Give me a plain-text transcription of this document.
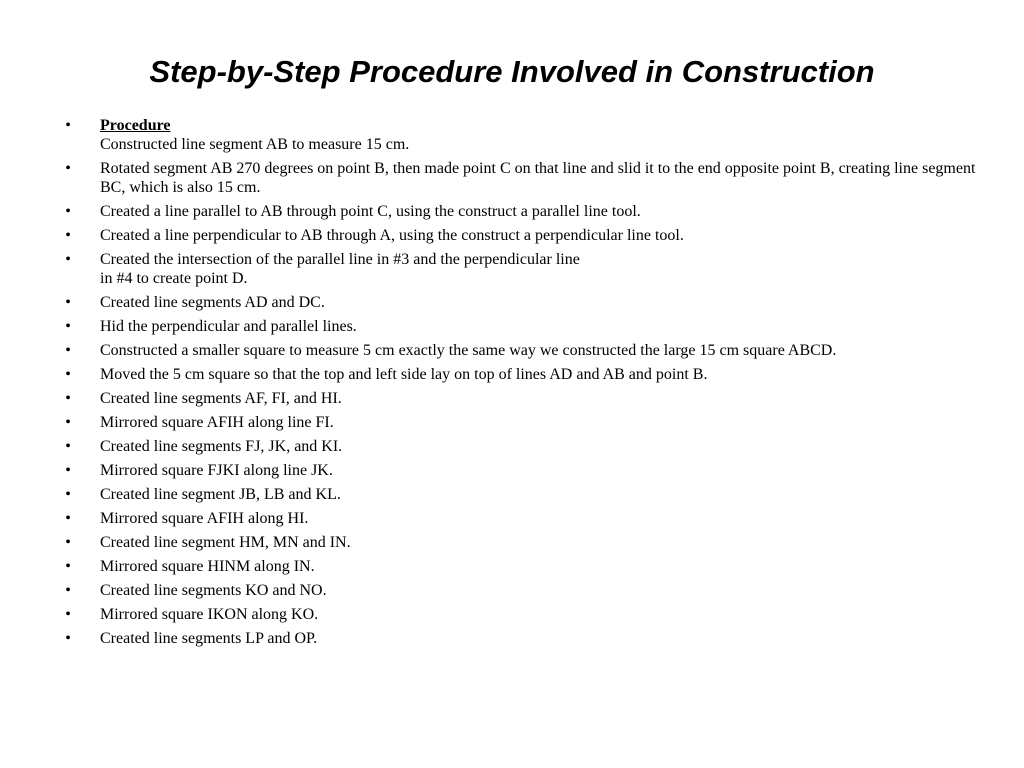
Step-by-Step Procedure Involved in Construction
• Procedure
Constructed line segment AB to measure 15 cm.
• Rotated segment AB 270 degrees on point B, then made point C on that line and slid it to the end opposite point B, creating line segment BC, which is also 15 cm.
• Created a line parallel to AB through point C, using the construct a parallel line tool.
• Created a line perpendicular to AB through A, using the construct a perpendicular line tool.
• Created the intersection of the parallel line in #3 and the perpendicular line
in #4 to create point D.
• Created line segments AD and DC.
• Hid the perpendicular and parallel lines.
• Constructed a smaller square to measure 5 cm exactly the same way we constructed the large 15 cm square ABCD.
• Moved the 5 cm square so that the top and left side lay on top of lines AD and AB and point B.
• Created line segments AF, FI, and HI.
• Mirrored square AFIH along line FI.
• Created line segments FJ, JK, and KI.
• Mirrored square FJKI along line JK.
• Created line segment JB, LB and KL.
• Mirrored square AFIH along HI.
• Created line segment HM, MN and IN.
• Mirrored square HINM along IN.
• Created line segments KO and NO.
• Mirrored square IKON along KO.
• Created line segments LP and OP.
